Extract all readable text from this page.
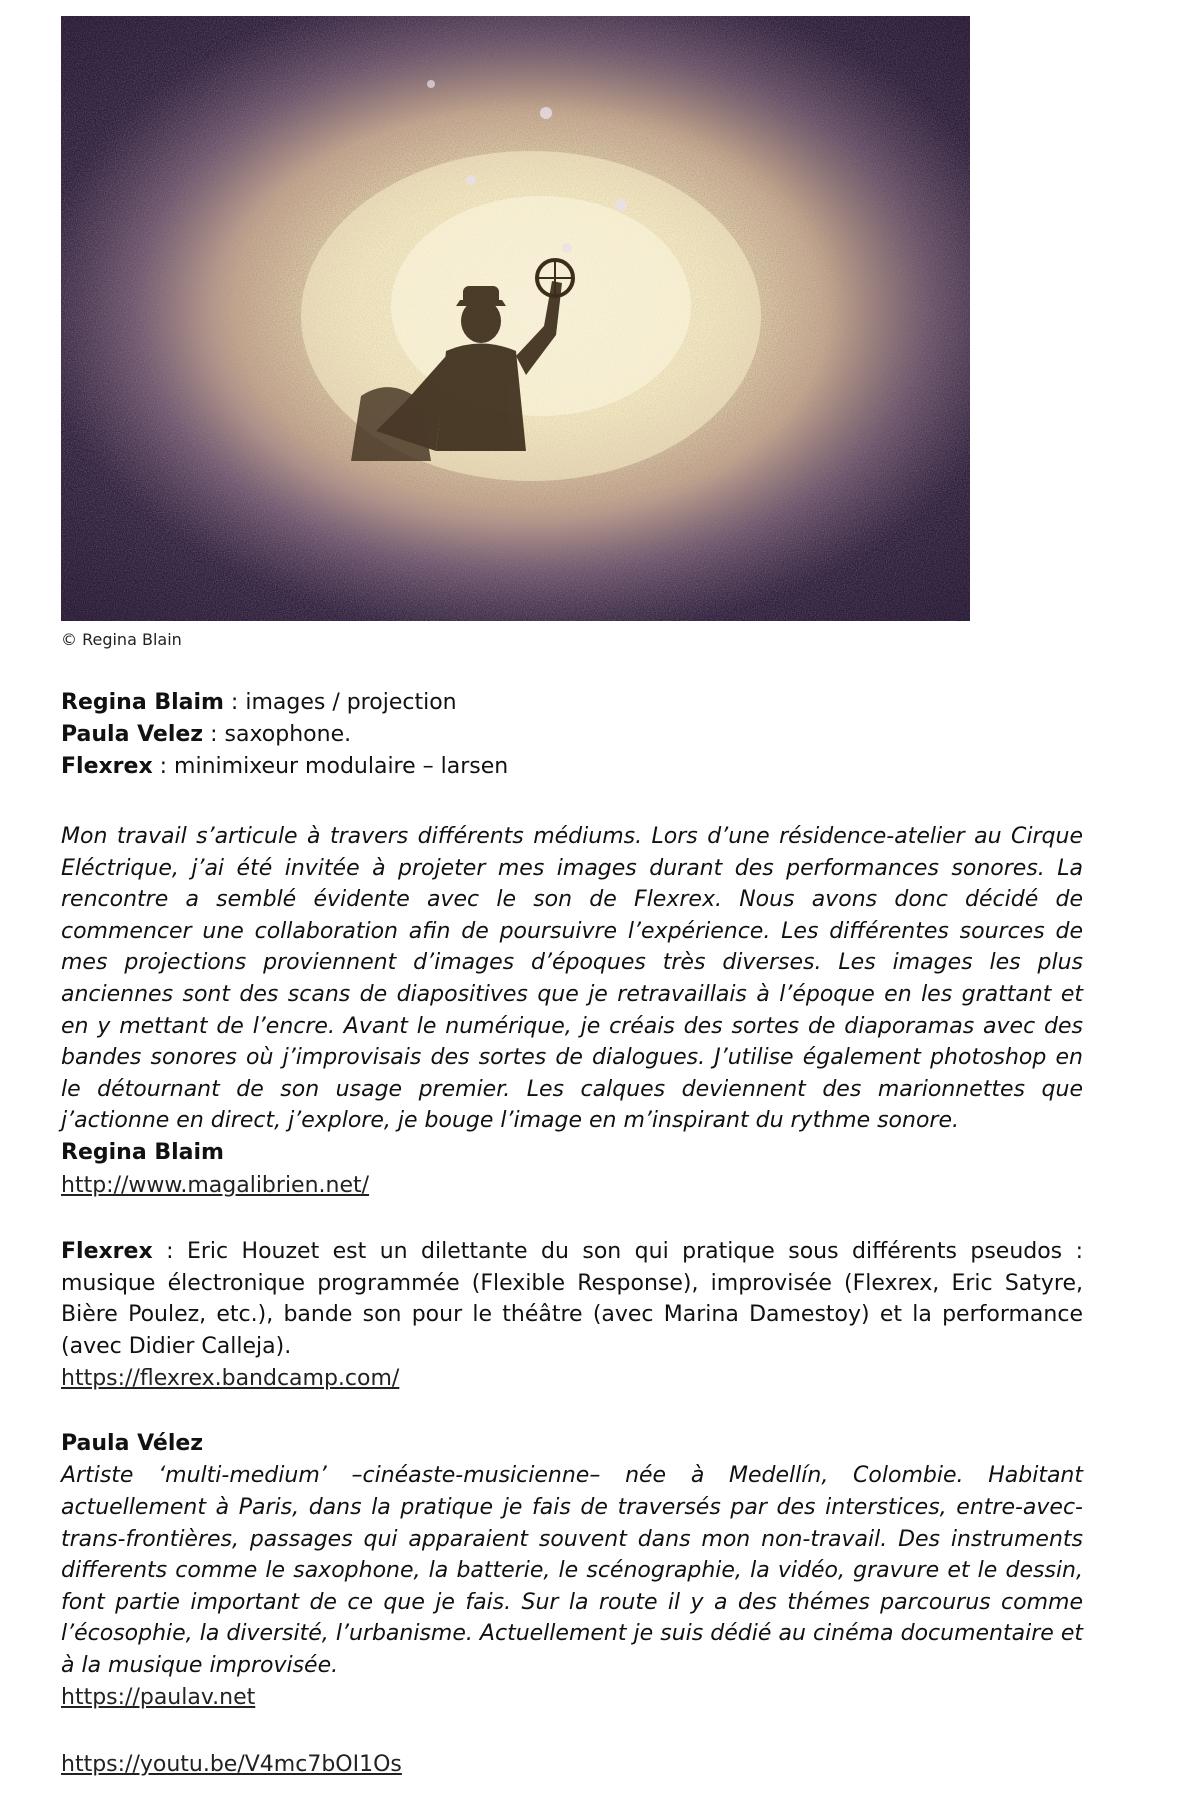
© Regina Blain
Regina Blaim : images / projection
Paula Velez : saxophone.
Flexrex : minimixeur modulaire – larsen
Mon travail s’articule à travers différents médiums. Lors d’une résidence-atelier au Cirque Eléctrique, j’ai été invitée à projeter mes images durant des performances sonores. La rencontre a semblé évidente avec le son de Flexrex. Nous avons donc décidé de commencer une collaboration afin de poursuivre l’expérience. Les différentes sources de mes projections proviennent d’images d’époques très diverses. Les images les plus anciennes sont des scans de diapositives que je retravaillais à l’époque en les grattant et en y mettant de l’encre. Avant le numérique, je créais des sortes de diaporamas avec des bandes sonores où j’improvisais des sortes de dialogues. J’utilise également photoshop en le détournant de son usage premier. Les calques deviennent des marionnettes que j’actionne en direct, j’explore, je bouge l’image en m’inspirant du rythme sonore.
Regina Blaim
http://www.magalibrien.net/
Flexrex : Eric Houzet est un dilettante du son qui pratique sous différents pseudos : musique électronique programmée (Flexible Response), improvisée (Flexrex, Eric Satyre, Bière Poulez, etc.), bande son pour le théâtre (avec Marina Damestoy) et la performance (avec Didier Calleja).
https://flexrex.bandcamp.com/
Paula Vélez
Artiste ‘multi-medium’ –cinéaste-musicienne– née à Medellín, Colombie. Habitant actuellement à Paris, dans la pratique je fais de traversés par des interstices, entre-avec-trans-frontières, passages qui apparaient souvent dans mon non-travail. Des instruments differents comme le saxophone, la batterie, le scénographie, la vidéo, gravure et le dessin, font partie important de ce que je fais. Sur la route il y a des thémes parcourus comme l’écosophie, la diversité, l’urbanisme. Actuellement je suis dédié au cinéma documentaire et à la musique improvisée.
https://paulav.net
https://youtu.be/V4mc7bOI1Os
